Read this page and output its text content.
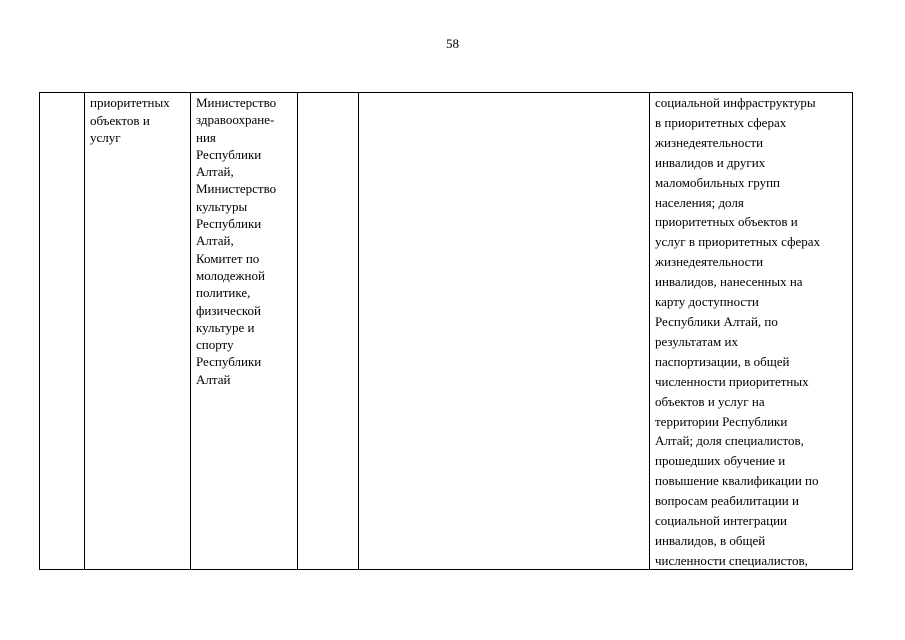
58
приоритетных
объектов и
услуг
Министерство
здравоохране-
ния
Республики
Алтай,
Министерство
культуры
Республики
Алтай,
Комитет по
молодежной
политике,
физической
культуре и
спорту
Республики
Алтай
социальной инфраструктуры
в приоритетных сферах
жизнедеятельности
инвалидов и других
маломобильных групп
населения; доля
приоритетных объектов и
услуг в приоритетных сферах
жизнедеятельности
инвалидов, нанесенных на
карту доступности
Республики Алтай, по
результатам их
паспортизации, в общей
численности приоритетных
объектов и услуг на
территории Республики
Алтай; доля специалистов,
прошедших обучение и
повышение квалификации по
вопросам реабилитации и
социальной интеграции
инвалидов, в общей
численности специалистов,
